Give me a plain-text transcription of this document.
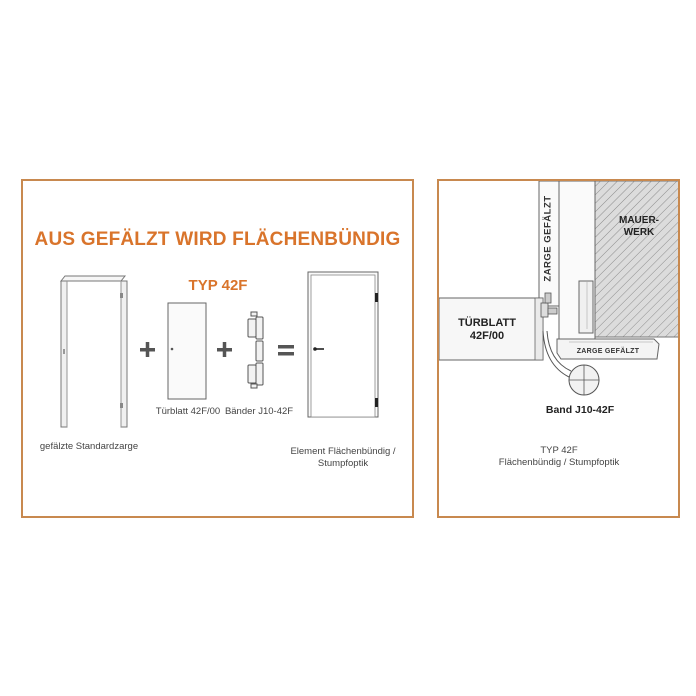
AUS GEFÄLZT WIRD FLÄCHENBÜNDIG
TYP 42F
gefälzte Standardzarge
Türblatt 42F/00 Bänder J10-42F
Element Flächenbündig /
Stumpfoptik
ZARGE GEFÄLZT	MAUER-
WERK
TÜRBLATT
42F/00
ZARGE GEFÄLZT
Band J10-42F
TYP 42F
Flächenbündig / Stumpfoptik
